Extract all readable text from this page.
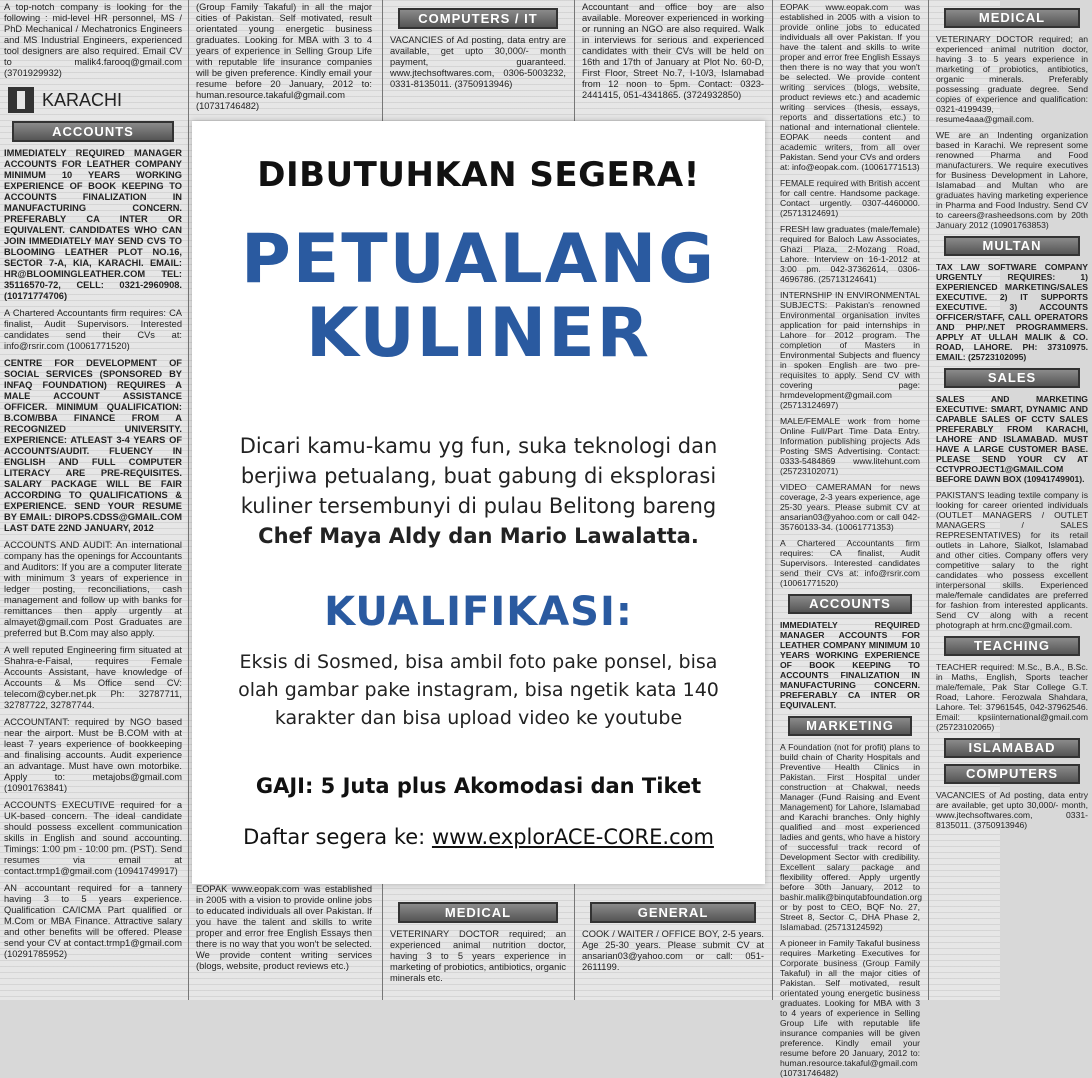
A top-notch company is looking for the following : mid-level HR personnel, MS / PhD Mechanical / Mechatronics Engineers and MS Industrial Engineers, experienced tool designers are also required. Email CV to malik4.farooq@gmail.com (3701929932)

KARACHI
ACCOUNTS

IMMEDIATELY REQUIRED MANAGER ACCOUNTS FOR LEATHER COMPANY MINIMUM 10 YEARS WORKING EXPERIENCE OF BOOK KEEPING TO ACCOUNTS FINALIZATION IN MANUFACTURING CONCERN. PREFERABLY CA INTER OR EQUIVALENT. CANDIDATES WHO CAN JOIN IMMEDIATELY MAY SEND CVS TO BLOOMING LEATHER PLOT NO.16, SECTOR 7-A, KIA, KARACHI. EMAIL: HR@BLOOMINGLEATHER.COM TEL: 35116570-72, CELL: 0321-2960908. (10171774706)

A Chartered Accountants firm requires: CA finalist, Audit Supervisors. Interested candidates send their CVs at: info@rsrir.com (10061771520)

CENTRE FOR DEVELOPMENT OF SOCIAL SERVICES (SPONSORED BY INFAQ FOUNDATION) REQUIRES A MALE ACCOUNT ASSISTANCE OFFICER. MINIMUM QUALIFICATION: B.COM/BBA FINANCE FROM A RECOGNIZED UNIVERSITY. EXPERIENCE: ATLEAST 3-4 YEARS OF ACCOUNTS/AUDIT. FLUENCY IN ENGLISH AND FULL COMPUTER LITERACY ARE PRE-REQUISITES. SALARY PACKAGE WILL BE FAIR ACCORDING TO QUALIFICATIONS & EXPERIENCE. SEND YOUR RESUME BY EMAIL: DIROPS.CDSS@GMAIL.COM LAST DATE 22ND JANUARY, 2012

ACCOUNTS AND AUDIT: An international company has the openings for Accountants and Auditors: If you are a computer literate with minimum 3 years of experience in ledger posting, reconciliations, cash management and follow up with banks for remittances then apply urgently at almayet@gmail.com Post Graduates are preferred but B.Com may also apply.

A well reputed Engineering firm situated at Shahra-e-Faisal, requires Female Accounts Assistant, have knowledge of Accounts & Ms Office send CV: telecom@cyber.net.pk Ph: 32787711, 32787722, 32787744.

ACCOUNTANT: required by NGO based near the airport. Must be B.COM with at least 7 years experience of bookkeeping and finalising accounts. Audit experience an advantage. Must have own motorbike. Apply to: metajobs@gmail.com (10901763841)

ACCOUNTS EXECUTIVE required for a UK-based concern. The ideal candidate should possess excellent communication skills in English and sound accounting. Timings: 1:00 pm - 10:00 pm. (PST). Send resumes via email at contact.trmp1@gmail.com (10941749917)

AN accountant required for a tannery having 3 to 5 years experience. Qualification CA/ICMA Part qualified or M.Com or MBA Finance. Attractive salary and other benefits will be offered. Please send your CV at contact.trmp1@gmail.com (10291785952)

(Group Family Takaful) in all the major cities of Pakistan. Self motivated, result orientated young energetic business graduates. Looking for MBA with 3 to 4 years of experience in Selling Group Life with reputable life insurance companies will be given preference. Kindly email your resume before 20 January, 2012 to: human.resource.takaful@gmail.com (10731746482)

EOPAK www.eopak.com was established in 2005 with a vision to provide online jobs to educated individuals all over Pakistan. If you have the talent and skills to write proper and error free English Essays then there is no way that you won't be selected. We provide content writing services (blogs, website, product reviews etc.)

COMPUTERS / IT

VACANCIES of Ad posting, data entry are available, get upto 30,000/- month payment, guaranteed. www.jtechsoftwares.com, 0306-5003232, 0331-8135011. (3750913946)

MEDICAL

VETERINARY DOCTOR required; an experienced animal nutrition doctor, having 3 to 5 years experience in marketing of probiotics, antibiotics, organic minerals etc.

Accountant and office boy are also available. Moreover experienced in working or running an NGO are also required. Walk in interviews for serious and experienced candidates with their CVs will be held on 16th and 17th of January at Plot No. 60-D, First Floor, Street No.7, I-10/3, Islamabad from 12 noon to 5pm. Contact: 0323-2441415, 051-4341865. (3724932850)

GENERAL

COOK / WAITER / OFFICE BOY, 2-5 years. Age 25-30 years. Please submit CV at ansarian03@yahoo.com or call: 051-2611199.

EOPAK www.eopak.com was established in 2005 with a vision to provide online jobs to educated individuals all over Pakistan. If you have the talent and skills to write proper and error free English Essays then there is no way that you won't be selected. We provide content writing services (blogs, website, product reviews etc.) and academic writing services (thesis, essays, reports and dissertations etc.) to national and international clientele. EOPAK needs content and academic writers, from all over Pakistan. Send your CVs and orders at: info@eopak.com. (10061771513)

FEMALE required with British accent for call centre. Handsome package. Contact urgently. 0307-4460000. (25713124691)

FRESH law graduates (male/female) required for Baloch Law Associates, Ghazi Plaza, 2-Mozang Road, Lahore. Interview on 16-1-2012 at 3:00 pm. 042-37362614, 0306-4696786. (25713124641)

INTERNSHIP IN ENVIRONMENTAL SUBJECTS: Pakistan's renowned Environmental organisation invites application for paid internships in Lahore for 2012 program. The completion of Masters in Environmental Subjects and fluency in spoken English are two pre-requisites to apply. Send CV with covering page: hrmdevelopment@gmail.com (25713124697)

MALE/FEMALE work from home Online Full/Part Time Data Entry. Information publishing projects Ads Posting SMS Advertising. Contact: 0333-5484869 www.litehunt.com (25723102071)

VIDEO CAMERAMAN for news coverage, 2-3 years experience, age 25-30 years. Please submit CV at ansarian03@yahoo.com or call 042-35760133-34. (10061771353)

A Chartered Accountants firm requires: CA finalist, Audit Supervisors. Interested candidates send their CVs at: info@rsrir.com (10061771520)

ACCOUNTS

IMMEDIATELY REQUIRED MANAGER ACCOUNTS FOR LEATHER COMPANY MINIMUM 10 YEARS WORKING EXPERIENCE OF BOOK KEEPING TO ACCOUNTS FINALIZATION IN MANUFACTURING CONCERN. PREFERABLY CA INTER OR EQUIVALENT.

MARKETING

A Foundation (not for profit) plans to build chain of Charity Hospitals and Preventive Health Clinics in Pakistan. First Hospital under construction at Chakwal, needs Manager (Fund Raising and Event Management) for Lahore, Islamabad and Karachi branches. Only highly qualified and most experienced ladies and gents, who have a history of successful track record of Development Sector with credibility. Excellent salary package and flexibility offered. Apply urgently before 30th January, 2012 to bashir.malik@binqutabfoundation.org or by post to CEO, BQF No. 27, Street 8, Sector C, DHA Phase 2, Islamabad. (25713124592)

A pioneer in Family Takaful business requires Marketing Executives for Corporate business (Group Family Takaful) in all the major cities of Pakistan. Self motivated, result orientated young energetic business graduates. Looking for MBA with 3 to 4 years of experience in Selling Group Life with reputable life insurance companies will be given preference. Kindly email your resume before 20 January, 2012 to: human.resource.takaful@gmail.com (10731746482)

MEDICAL

VETERINARY DOCTOR required; an experienced animal nutrition doctor, having 3 to 5 years experience in marketing of probiotics, antibiotics, organic minerals. Preferably possessing graduate degree. Send copies of experience and qualification: 0321-4199439, resume4aaa@gmail.com.

WE are an Indenting organization based in Karachi. We represent some renowned Pharma and Food manufacturers. We require executives for Business Development in Lahore, Islamabad and Multan who are graduates having marketing experience in Pharma and Food Industry. Send CV to careers@rasheedsons.com by 20th January 2012 (10901763853)

MULTAN

TAX LAW SOFTWARE COMPANY URGENTLY REQUIRES: 1) EXPERIENCED MARKETING/SALES EXECUTIVE. 2) IT SUPPORTS EXECUTIVE. 3) ACCOUNTS OFFICER/STAFF, CALL OPERATORS AND PHP/.NET PROGRAMMERS. APPLY AT ULLAH MALIK & CO. ROAD, LAHORE. PH: 37310975. EMAIL: (25723102095)

SALES

SALES AND MARKETING EXECUTIVE: SMART, DYNAMIC AND CAPABLE SALES OF CCTV SALES PREFERABLY FROM KARACHI, LAHORE AND ISLAMABAD. MUST HAVE A LARGE CUSTOMER BASE. PLEASE SEND YOUR CV AT CCTVPROJECT1@GMAIL.COM BEFORE DAWN BOX (10941749901).

PAKISTAN'S leading textile company is looking for career oriented individuals (OUTLET MANAGERS / OUTLET MANAGERS / SALES REPRESENTATIVES) for its retail outlets in Lahore, Sialkot, Islamabad and other cities. Company offers very competitive salary to the right candidates who possess excellent interpersonal skills. Experienced male/female candidates are preferred for fashion from interested applicants. Send CV along with a recent photograph at hrm.cnc@gmail.com.

TEACHING

TEACHER required: M.Sc., B.A., B.Sc. in Maths, English, Sports teacher male/female, Pak Star College G.T. Road, Lahore. Ferozwala Shahdara, Lahore. Tel: 37961545, 042-37962546. Email: kpsiinternational@gmail.com (25723102065)

ISLAMABAD
COMPUTERS

VACANCIES of Ad posting, data entry are available, get upto 30,000/- month, www.jtechsoftwares.com, 0331-8135011. (3750913946)

DIBUTUHKAN SEGERA!
PETUALANG
KULINER
Dicari kamu-kamu yg fun, suka teknologi dan
berjiwa petualang, buat gabung di eksplorasi
kuliner tersembunyi di pulau Belitong bareng
Chef Maya Aldy dan Mario Lawalatta.
KUALIFIKASI:
Eksis di Sosmed, bisa ambil foto pake ponsel, bisa
olah gambar pake instagram, bisa ngetik kata 140
karakter dan bisa upload video ke youtube
GAJI: 5 Juta plus Akomodasi dan Tiket
Daftar segera ke: www.explorACE-CORE.com
